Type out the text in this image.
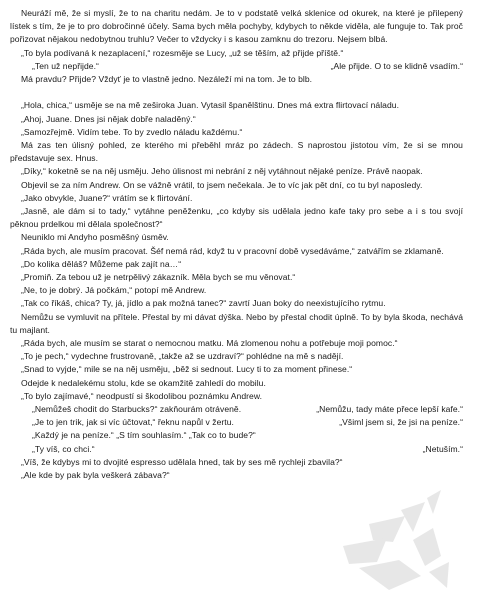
Neuráží mě, že si myslí, že to na charitu nedám. Je to v podstatě velká sklenice od okurek, na které je přilepený lístek s tím, že je to pro dobročinné účely. Sama bych měla pochyby, kdybych to někde viděla, ale funguje to. Tak proč pořizovat nějakou nedobytnou truhlu? Večer to vždycky i s kasou zamknu do trezoru. Nejsem blbá.

„To byla podívaná k nezaplacení,“ rozesměje se Lucy, „už se těším, až přijde příště.“

„Ten už nepřijde.“	„Ale přijde. O to se klidně vsadím.“

Má pravdu? Přijde? Vždyť je to vlastně jedno. Nezáleží mi na tom. Je to blb.

„Hola, chica,“ usměje se na mě zeširoka Juan. Vytasil španělštinu. Dnes má extra flirtovací náladu.

„Ahoj, Juane. Dnes jsi nějak dobře naladěný.“

„Samozřejmě. Vidím tebe. To by zvedlo náladu každému.“

Má zas ten úlisný pohled, ze kterého mi přeběhl mráz po zádech. S naprostou jistotou vím, že si se mnou představuje sex. Hnus.

„Díky,“ koketně se na něj usměju. Jeho úlisnost mi nebrání z něj vytáhnout nějaké peníze. Právě naopak.

Objevil se za ním Andrew. On se vážně vrátil, to jsem nečekala. Je to víc jak pět dní, co tu byl naposledy.

„Jako obvykle, Juane?“ vrátím se k flirtování.

„Jasně, ale dám si to tady,“ vytáhne peněženku, „co kdyby sis udělala jedno kafe taky pro sebe a i s tou svojí pěknou prdelkou mi dělala společnost?“

Neuniklo mi Andyho posměšný úsměv.

„Ráda bych, ale musím pracovat. Šéf nemá rád, když tu v pracovní době vysedáváme,“ zatvářím se zklamaně.

„Do kolika děláš? Můžeme pak zajít na…“

„Promiň. Za tebou už je netrpělivý zákazník. Měla bych se mu věnovat.“

„Ne, to je dobrý. Já počkám,“ potopí mě Andrew.

„Tak co říkáš, chica? Ty, já, jídlo a pak možná tanec?“ zavrtí Juan boky do neexistujícího rytmu.

Nemůžu se vymluvit na přítele. Přestal by mi dávat dýška. Nebo by přestal chodit úplně. To by byla škoda, nechává tu majlant.

„Ráda bych, ale musím se starat o nemocnou matku. Má zlomenou nohu a potřebuje moji pomoc.“

„To je pech,“ vydechne frustrovaně, „takže až se uzdraví?“ pohlédne na mě s nadějí.

„Snad to vyjde,“ mile se na něj usměju, „běž si sednout. Lucy ti to za moment přinese.“

Odejde k nedalekému stolu, kde se okamžitě zahledí do mobilu.

„To bylo zajímavé,“ neodpustí si škodolibou poznámku Andrew.

„Nemůžeš chodit do Starbucks?“ zakňourám otráveně.	„Nemůžu, tady máte přece lepší kafe.“

„Je to jen trik, jak si víc účtovat,“ řeknu napůl v žertu.	„Všiml jsem si, že jsi na peníze.“

„Každý je na peníze.“ „S tím souhlasím.“ „Tak co to bude?“

„Ty víš, co chci.“	„Netuším.“

„Víš, že kdybys mi to dvojité espresso udělala hned, tak by ses mě rychleji zbavila?“

„Ale kde by pak byla veškerá zábava?“
